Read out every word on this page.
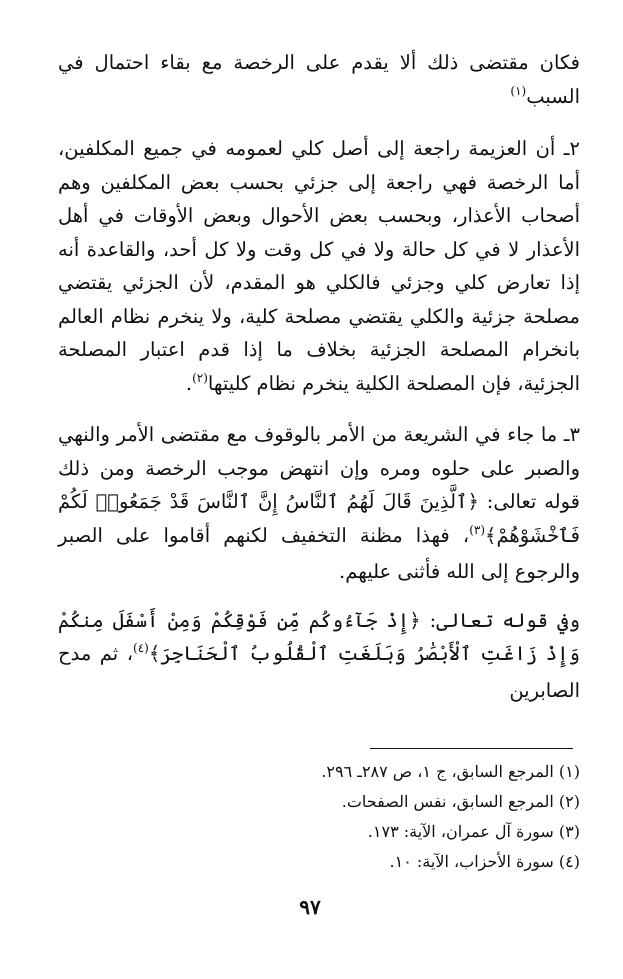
فكان مقتضى ذلك ألا يقدم على الرخصة مع بقاء احتمال في السبب$^{(١)}$

٢ـ أن العزيمة راجعة إلى أصل كلي لعمومه في جميع المكلفين، أما الرخصة فهي راجعة إلى جزئي بحسب بعض المكلفين وهم أصحاب الأعذار، وبحسب بعض الأحوال وبعض الأوقات في أهل الأعذار لا في كل حالة ولا في كل وقت ولا كل أحد، والقاعدة أنه إذا تعارض كلي وجزئي فالكلي هو المقدم، لأن الجزئي يقتضي مصلحة جزئية والكلي يقتضي مصلحة كلية، ولا ينخرم نظام العالم بانخرام المصلحة الجزئية بخلاف ما إذا قدم اعتبار المصلحة الجزئية، فإن المصلحة الكلية ينخرم نظام كليتها$^{(٢)}$.

٣ـ ما جاء في الشريعة من الأمر بالوقوف مع مقتضى الأمر والنهي والصبر على حلوه ومره وإن انتهض موجب الرخصة ومن ذلك قوله تعالى: ﴿ٱلَّذِينَ قَالَ لَهُمُ ٱلنَّاسُ إِنَّ ٱلنَّاسَ قَدْ جَمَعُوا۟ لَكُمْ فَٱخْشَوْهُمْ﴾$^{(٣)}$، فهذا مظنة التخفيف لكنهم أقاموا على الصبر والرجوع إلى الله فأثنى عليهم.

وفي قوله تعالى: ﴿إِذْ جَآءُوكُم مِّن فَوْقِكُمْ وَمِنْ أَسْفَلَ مِنكُمْ وَإِذْ زَاغَتِ ٱلْأَبْصَٰرُ وَبَلَغَتِ ٱلْقُلُوبُ ٱلْحَنَاجِرَ﴾$^{(٤)}$، ثم مدح الصابرين

(١) المرجع السابق، ج ١، ص ٢٨٧ـ ٢٩٦.
(٢) المرجع السابق، نفس الصفحات.
(٣) سورة آل عمران، الآية: ١٧٣.
(٤) سورة الأحزاب، الآية: ١٠.
٩٧
